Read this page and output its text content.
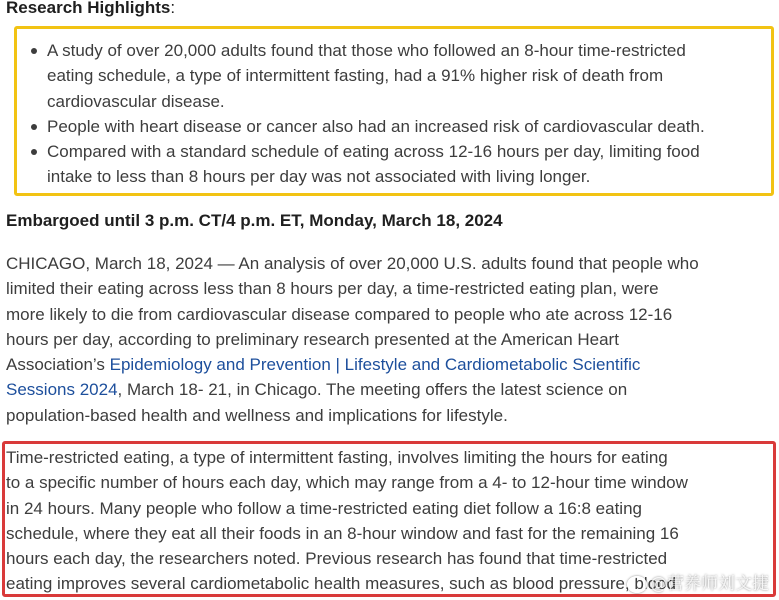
Research Highlights:
A study of over 20,000 adults found that those who followed an 8-hour time-restricted
eating schedule, a type of intermittent fasting, had a 91% higher risk of death from
cardiovascular disease.
People with heart disease or cancer also had an increased risk of cardiovascular death.
Compared with a standard schedule of eating across 12-16 hours per day, limiting food
intake to less than 8 hours per day was not associated with living longer.
Embargoed until 3 p.m. CT/4 p.m. ET, Monday, March 18, 2024
CHICAGO, March 18, 2024 — An analysis of over 20,000 U.S. adults found that people who
limited their eating across less than 8 hours per day, a time-restricted eating plan, were
more likely to die from cardiovascular disease compared to people who ate across 12-16
hours per day, according to preliminary research presented at the American Heart
Association’s Epidemiology and Prevention | Lifestyle and Cardiometabolic Scientific
Sessions 2024, March 18- 21, in Chicago. The meeting offers the latest science on
population-based health and wellness and implications for lifestyle.
Time-restricted eating, a type of intermittent fasting, involves limiting the hours for eating
to a specific number of hours each day, which may range from a 4- to 12-hour time window
in 24 hours. Many people who follow a time-restricted eating diet follow a 16:8 eating
schedule, where they eat all their foods in an 8-hour window and fast for the remaining 16
hours each day, the researchers noted. Previous research has found that time-restricted
eating improves several cardiometabolic health measures, such as blood pressure, blood
@营养师刘文捷
